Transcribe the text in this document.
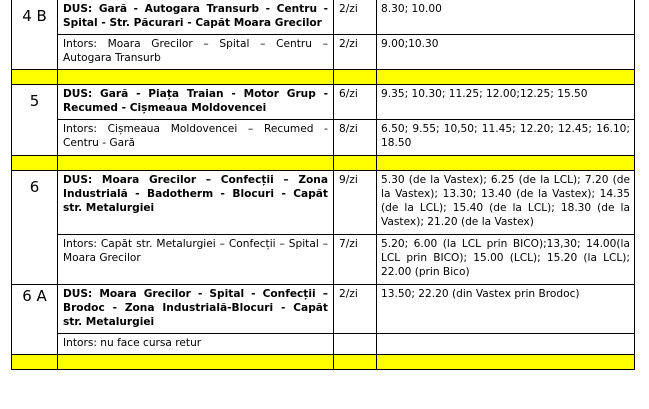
4 B	DUS: Gară - Autogara Transurb - Centru - Spital - Str. Păcurari - Capăt Moara Grecilor	2/zi	8.30; 10.00
	Intors: Moara Grecilor – Spital – Centru – Autogara Transurb	2/zi	9.00;10.30

5	DUS: Gară - Piața Traian - Motor Grup - Recumed - Cișmeaua Moldovencei	6/zi	9.35; 10.30; 11.25; 12.00;12.25; 15.50
	Intors: Cișmeaua Moldovencei – Recumed - Centru - Gară	8/zi	6.50; 9.55; 10,50; 11.45; 12.20; 12.45; 16.10; 18.50

6	DUS: Moara Grecilor – Confecții – Zona Industrială - Badotherm - Blocuri - Capăt str. Metalurgiei	9/zi	5.30 (de la Vastex); 6.25 (de la LCL); 7.20 (de la Vastex); 13.30; 13.40 (de la Vastex); 14.35 (de la LCL); 15.40 (de la LCL); 18.30 (de la Vastex); 21.20 (de la Vastex)
	Intors: Capăt str. Metalurgiei – Confecții – Spital – Moara Grecilor	7/zi	5.20; 6.00 (la LCL prin BICO);13,30; 14.00(la LCL prin BICO); 15.00 (LCL); 15.20 (la LCL); 22.00 (prin Bico)
6 A	DUS: Moara Grecilor - Spital - Confecții – Brodoc - Zona Industrială-Blocuri - Capăt str. Metalurgiei	2/zi	13.50; 22.20 (din Vastex prin Brodoc)
	Intors: nu face cursa retur		
